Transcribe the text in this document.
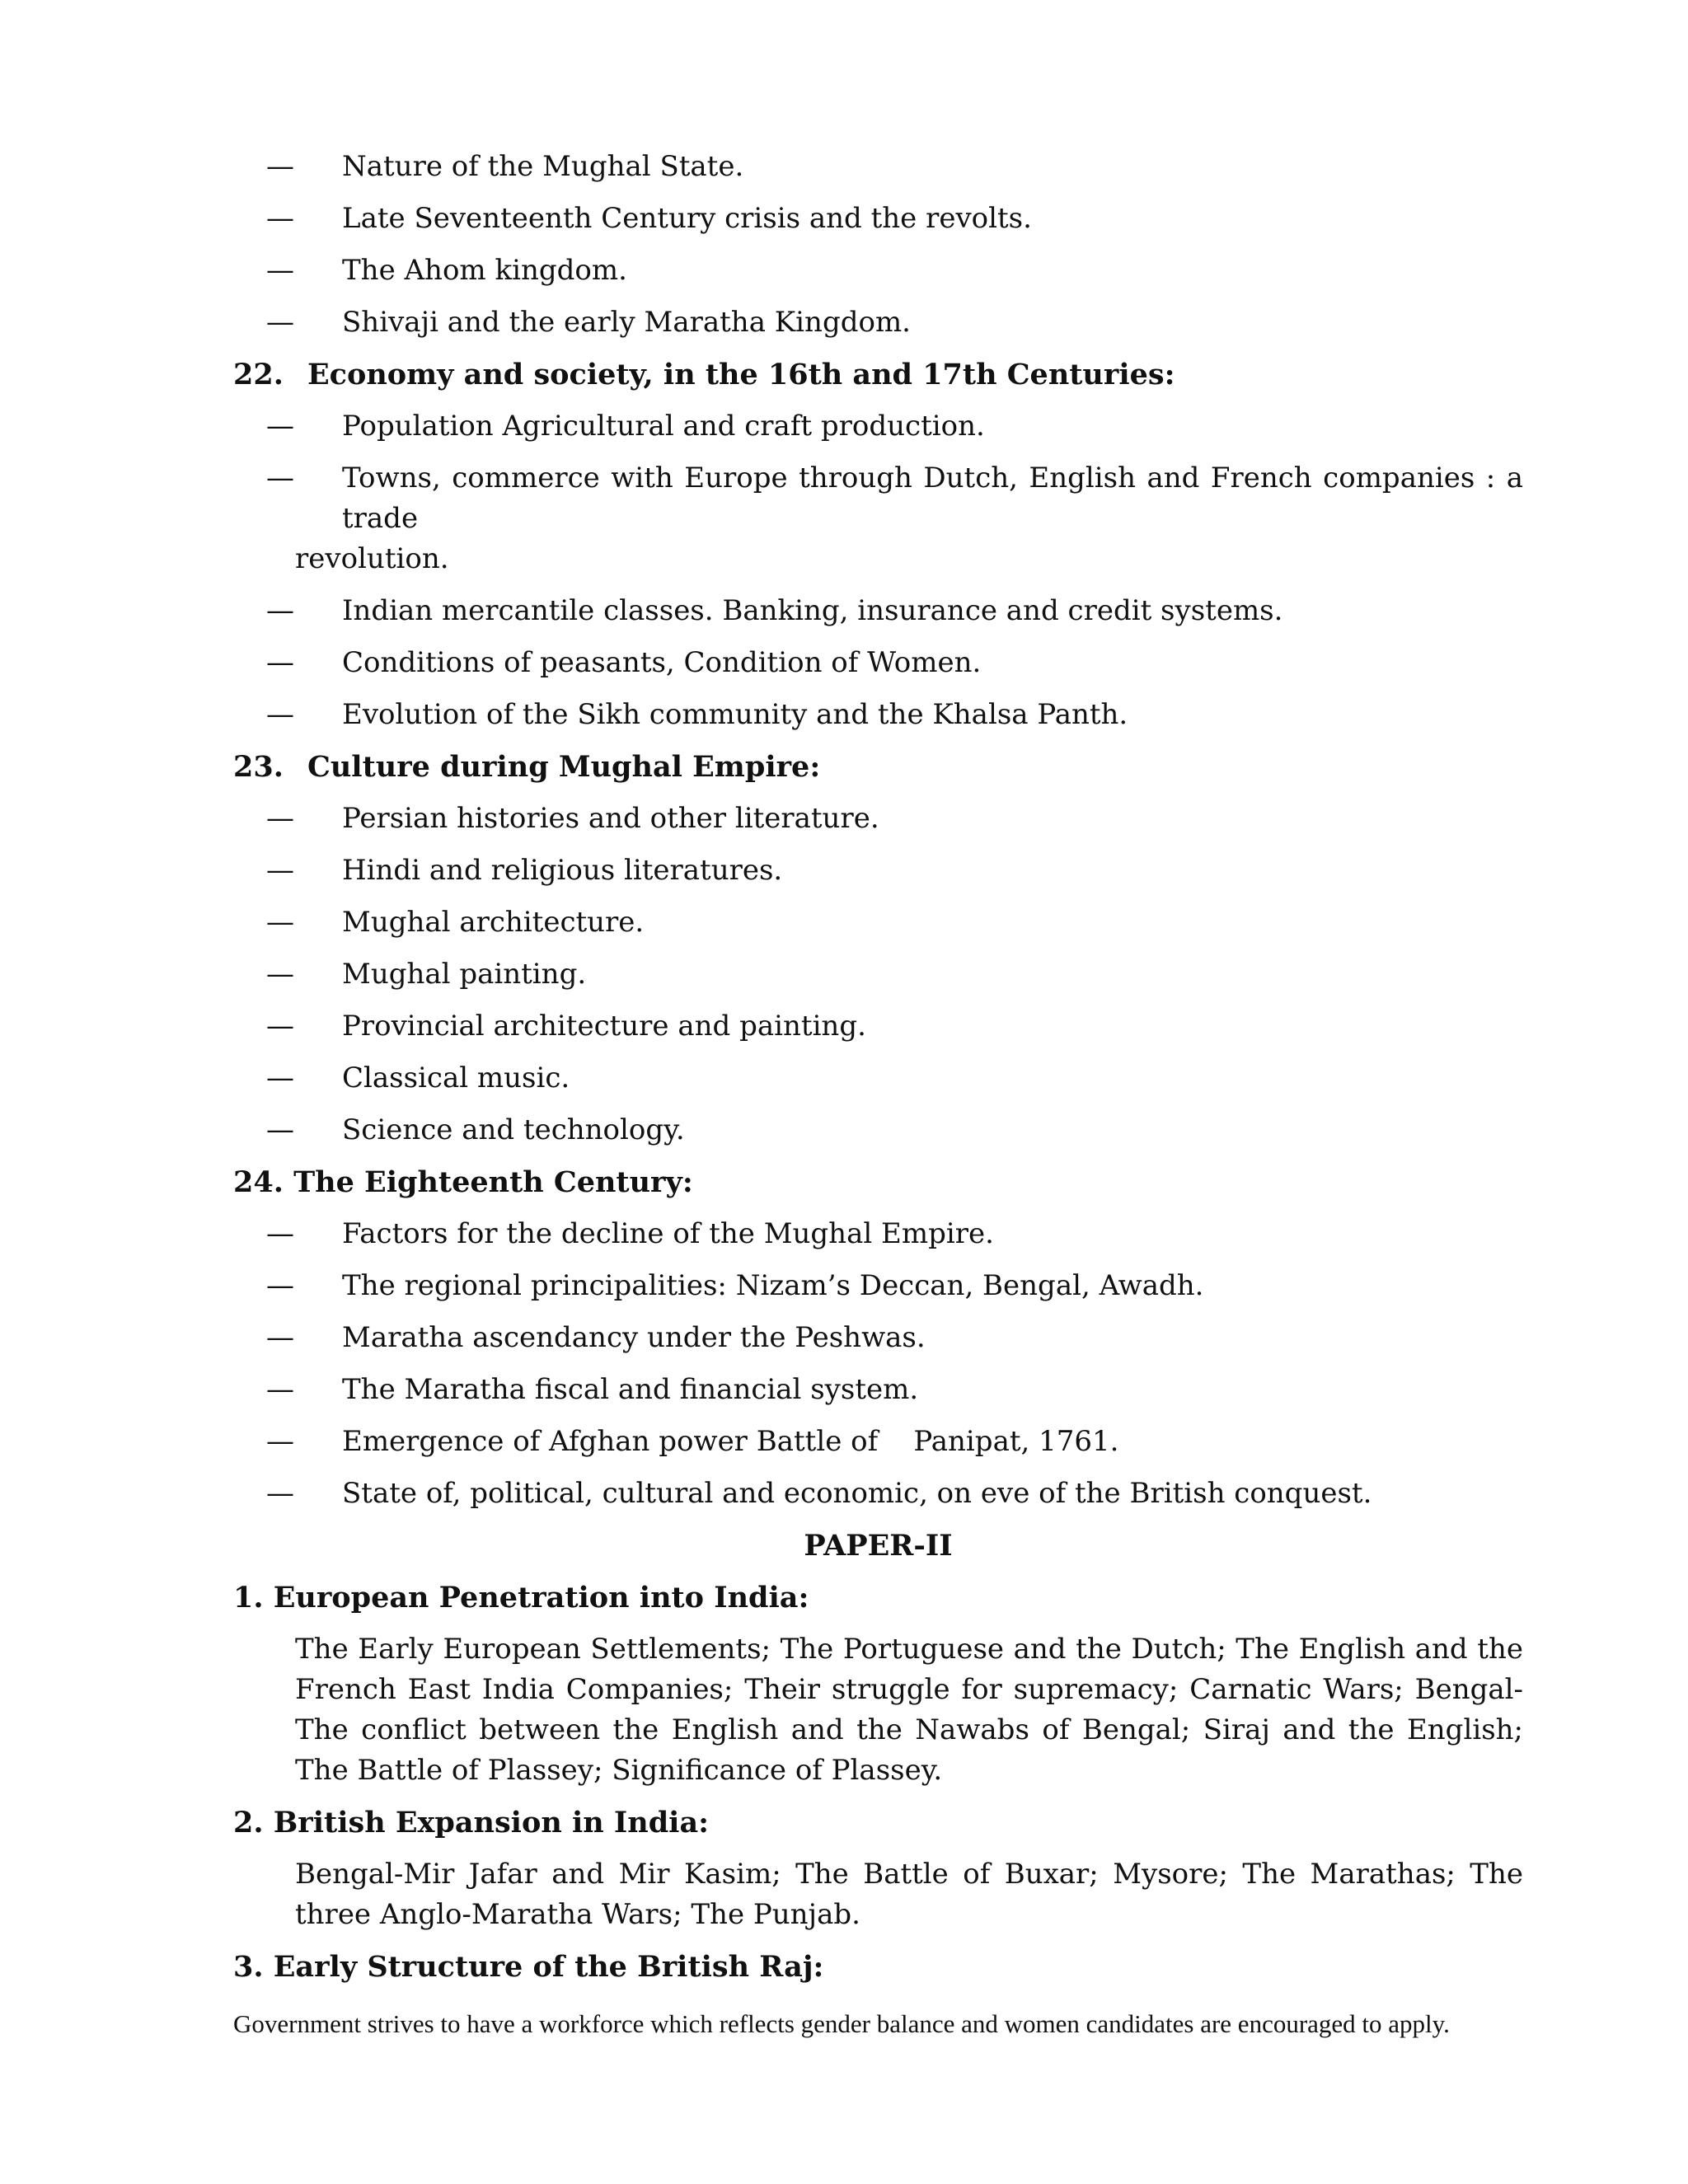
— Nature of the Mughal State.
— Late Seventeenth Century crisis and the revolts.
— The Ahom kingdom.
— Shivaji and the early Maratha Kingdom.
22. Economy and society, in the 16th and 17th Centuries:
— Population Agricultural and craft production.
— Towns, commerce with Europe through Dutch, English and French companies : a trade
revolution.
— Indian mercantile classes. Banking, insurance and credit systems.
— Conditions of peasants, Condition of Women.
— Evolution of the Sikh community and the Khalsa Panth.
23. Culture during Mughal Empire:
— Persian histories and other literature.
— Hindi and religious literatures.
— Mughal architecture.
— Mughal painting.
— Provincial architecture and painting.
— Classical music.
— Science and technology.
24. The Eighteenth Century:
— Factors for the decline of the Mughal Empire.
— The regional principalities: Nizam’s Deccan, Bengal, Awadh.
— Maratha ascendancy under the Peshwas.
— The Maratha fiscal and financial system.
— Emergence of Afghan power Battle of    Panipat, 1761.
— State of, political, cultural and economic, on eve of the British conquest.
PAPER-II
1. European Penetration into India:
The Early European Settlements; The Portuguese and the Dutch; The English and the French East India Companies; Their struggle for supremacy; Carnatic Wars; Bengal-The conflict between the English and the Nawabs of Bengal; Siraj and the English; The Battle of Plassey; Significance of Plassey.
2. British Expansion in India:
Bengal-Mir Jafar and Mir Kasim; The Battle of Buxar; Mysore; The Marathas; The three Anglo-Maratha Wars; The Punjab.
3. Early Structure of the British Raj:
Government strives to have a workforce which reflects gender balance and women candidates are encouraged to apply.
